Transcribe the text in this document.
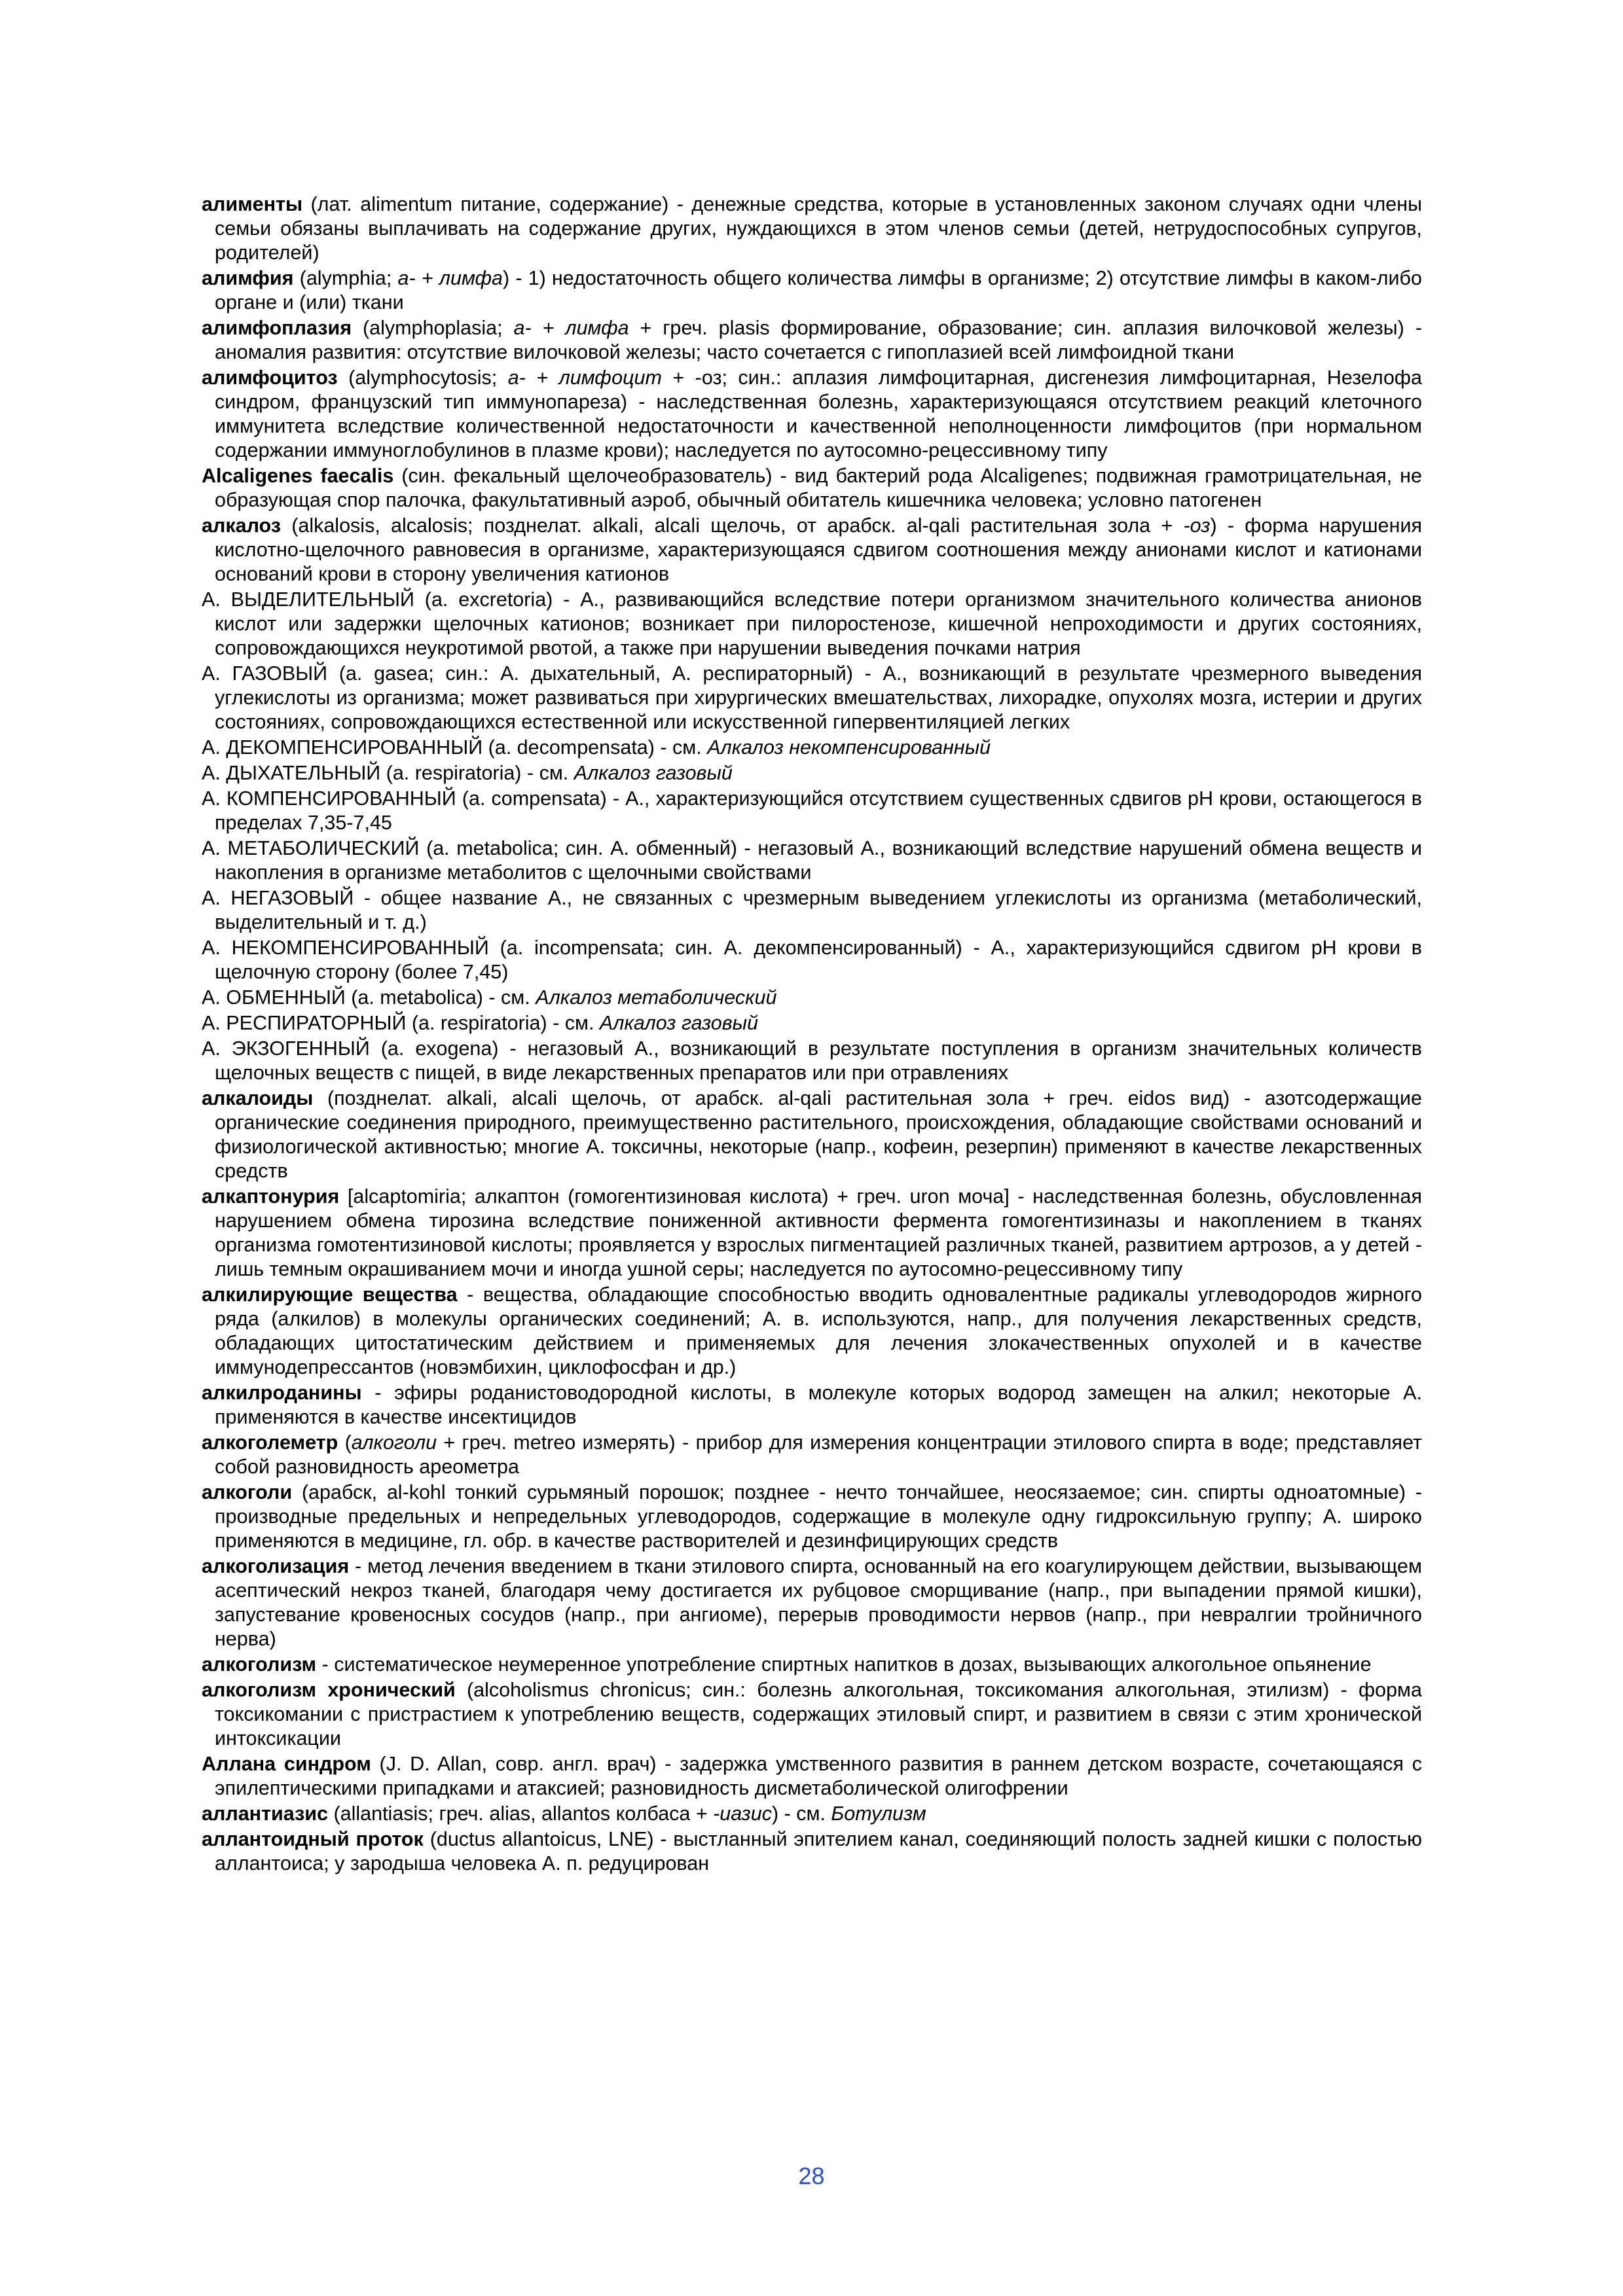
алименты (лат. alimentum питание, содержание) - денежные средства, которые в установленных законом случаях одни члены семьи обязаны выплачивать на содержание других, нуждающихся в этом членов семьи (детей, нетрудоспособных супругов, родителей)

алимфия (alymphia; а- + лимфа) - 1) недостаточность общего количества лимфы в организме; 2) отсутствие лимфы в каком-либо органе и (или) ткани

алимфоплазия (alymphoplasia; а- + лимфа + греч. plasis формирование, образование; син. аплазия вилочковой железы) - аномалия развития: отсутствие вилочковой железы; часто сочетается с гипоплазией всей лимфоидной ткани

алимфоцитоз (alymphocytosis; а- + лимфоцит + -оз; син.: аплазия лимфоцитарная, дисгенезия лимфоцитарная, Незелофа синдром, французский тип иммунопареза) - наследственная болезнь, характеризующаяся отсутствием реакций клеточного иммунитета вследствие количественной недостаточности и качественной неполноценности лимфоцитов (при нормальном содержании иммуноглобулинов в плазме крови); наследуется по аутосомно-рецессивному типу

Alcaligenes faecalis (син. фекальный щелочеобразователь) - вид бактерий рода Alcaligenes; подвижная грамотрицательная, не образующая спор палочка, факультативный аэроб, обычный обитатель кишечника человека; условно патогенен

алкалоз (alkalosis, alcalosis; позднелат. alkali, alcali щелочь, от арабск. al-qali растительная зола + -оз) - форма нарушения кислотно-щелочного равновесия в организме, характеризующаяся сдвигом соотношения между анионами кислот и катионами оснований крови в сторону увеличения катионов

А. ВЫДЕЛИТЕЛЬНЫЙ (a. excretoria) - А., развивающийся вследствие потери организмом значительного количества анионов кислот или задержки щелочных катионов; возникает при пилоростенозе, кишечной непроходимости и других состояниях, сопровождающихся неукротимой рвотой, а также при нарушении выведения почками натрия

А. ГАЗОВЫЙ (a. gasea; син.: А. дыхательный, А. респираторный) - А., возникающий в результате чрезмерного выведения углекислоты из организма; может развиваться при хирургических вмешательствах, лихорадке, опухолях мозга, истерии и других состояниях, сопровождающихся естественной или искусственной гипервентиляцией легких

А. ДЕКОМПЕНСИРОВАННЫЙ (a. decompensata) - см. Алкалоз некомпенсированный

А. ДЫХАТЕЛЬНЫЙ (a. respiratoria) - см. Алкалоз газовый

А. КОМПЕНСИРОВАННЫЙ (a. compensata) - А., характеризующийся отсутствием существенных сдвигов рН крови, остающегося в пределах 7,35-7,45

А. МЕТАБОЛИЧЕСКИЙ (a. metabolica; син. А. обменный) - негазовый А., возникающий вследствие нарушений обмена веществ и накопления в организме метаболитов с щелочными свойствами

А. НЕГАЗОВЫЙ - общее название А., не связанных с чрезмерным выведением углекислоты из организма (метаболический, выделительный и т. д.)

А. НЕКОМПЕНСИРОВАННЫЙ (a. incompensata; син. А. декомпенсированный) - А., характеризующийся сдвигом рН крови в щелочную сторону (более 7,45)

А. ОБМЕННЫЙ (a. metabolica) - см. Алкалоз метаболический

А. РЕСПИРАТОРНЫЙ (a. respiratoria) - см. Алкалоз газовый

А. ЭКЗОГЕННЫЙ (a. exogena) - негазовый А., возникающий в результате поступления в организм значительных количеств щелочных веществ с пищей, в виде лекарственных препаратов или при отравлениях

алкалоиды (позднелат. alkali, alcali щелочь, от арабск. al-qali растительная зола + греч. eidos вид) - азотсодержащие органические соединения природного, преимущественно растительного, происхождения, обладающие свойствами оснований и физиологической активностью; многие А. токсичны, некоторые (напр., кофеин, резерпин) применяют в качестве лекарственных средств

алкаптонурия [alcaptomiria; алкаптон (гомогентизиновая кислота) + греч. uron моча] - наследственная болезнь, обусловленная нарушением обмена тирозина вследствие пониженной активности фермента гомогентизиназы и накоплением в тканях организма гомотентизиновой кислоты; проявляется у взрослых пигментацией различных тканей, развитием артрозов, а у детей - лишь темным окрашиванием мочи и иногда ушной серы; наследуется по аутосомно-рецессивному типу

алкилирующие вещества - вещества, обладающие способностью вводить одновалентные радикалы углеводородов жирного ряда (алкилов) в молекулы органических соединений; А. в. используются, напр., для получения лекарственных средств, обладающих цитостатическим действием и применяемых для лечения злокачественных опухолей и в качестве иммунодепрессантов (новэмбихин, циклофосфан и др.)

алкилроданины - эфиры роданистоводородной кислоты, в молекуле которых водород замещен на алкил; некоторые А. применяются в качестве инсектицидов

алкоголеметр (алкоголи + греч. metreo измерять) - прибор для измерения концентрации этилового спирта в воде; представляет собой разновидность ареометра

алкоголи (арабск, al-kohl тонкий сурьмяный порошок; позднее - нечто тончайшее, неосязаемое; син. спирты одноатомные) - производные предельных и непредельных углеводородов, содержащие в молекуле одну гидроксильную группу; А. широко применяются в медицине, гл. обр. в качестве растворителей и дезинфицирующих средств

алкоголизация - метод лечения введением в ткани этилового спирта, основанный на его коагулирующем действии, вызывающем асептический некроз тканей, благодаря чему достигается их рубцовое сморщивание (напр., при выпадении прямой кишки), запустевание кровеносных сосудов (напр., при ангиоме), перерыв проводимости нервов (напр., при невралгии тройничного нерва)

алкоголизм - систематическое неумеренное употребление спиртных напитков в дозах, вызывающих алкогольное опьянение

алкоголизм хронический (alcoholismus chronicus; син.: болезнь алкогольная, токсикомания алкогольная, этилизм) - форма токсикомании с пристрастием к употреблению веществ, содержащих этиловый спирт, и развитием в связи с этим хронической интоксикации

Аллана синдром (J. D. Allan, совр. англ. врач) - задержка умственного развития в раннем детском возрасте, сочетающаяся с эпилептическими припадками и атаксией; разновидность дисметаболической олигофрении

аллантиазис (allantiasis; греч. alias, allantos колбаса + -иазис) - см. Ботулизм

аллантоидный проток (ductus allantoicus, LNE) - выстланный эпителием канал, соединяющий полость задней кишки с полостью аллантоиса; у зародыша человека А. п. редуцирован

28
